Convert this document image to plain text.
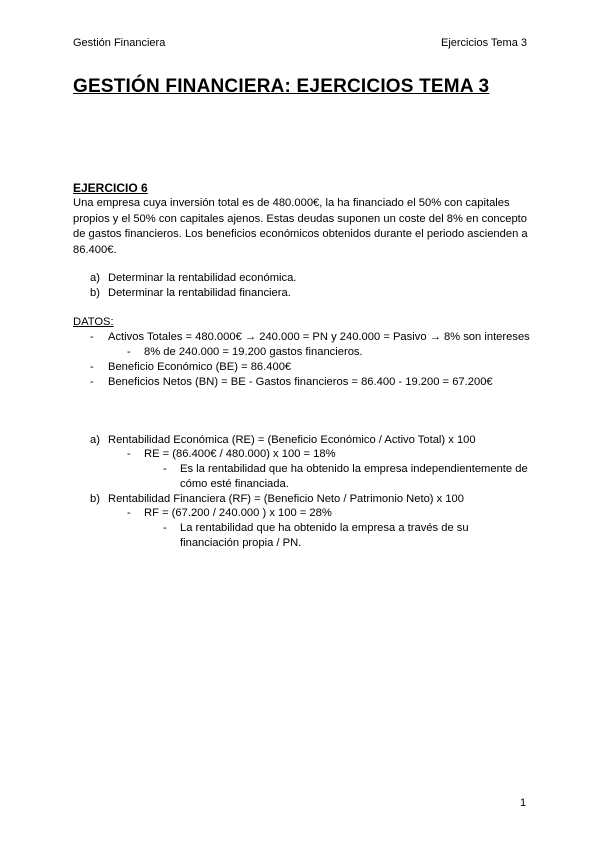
Gestión Financiera	Ejercicios Tema 3
GESTIÓN FINANCIERA: EJERCICIOS TEMA 3
EJERCICIO 6
Una empresa cuya inversión total es de 480.000€, la ha financiado el 50% con capitales
propios y el 50% con capitales ajenos. Estas deudas suponen un coste del 8% en concepto
de gastos financieros. Los beneficios económicos obtenidos durante el periodo ascienden a
86.400€.
a) Determinar la rentabilidad económica.
b) Determinar la rentabilidad financiera.
DATOS:
- Activos Totales = 480.000€ → 240.000 = PN y 240.000 = Pasivo → 8% son intereses
- 8% de 240.000 = 19.200 gastos financieros.
- Beneficio Económico (BE) = 86.400€
- Beneficios Netos (BN) = BE - Gastos financieros = 86.400 - 19.200 = 67.200€
a) Rentabilidad Económica (RE) = (Beneficio Económico / Activo Total) x 100
- RE = (86.400€ / 480.000) x 100 = 18%
- Es la rentabilidad que ha obtenido la empresa independientemente de
cómo esté financiada.
b) Rentabilidad Financiera (RF) = (Beneficio Neto / Patrimonio Neto) x 100
- RF = (67.200 / 240.000 ) x 100 = 28%
- La rentabilidad que ha obtenido la empresa a través de su
financiación propia / PN.
1
